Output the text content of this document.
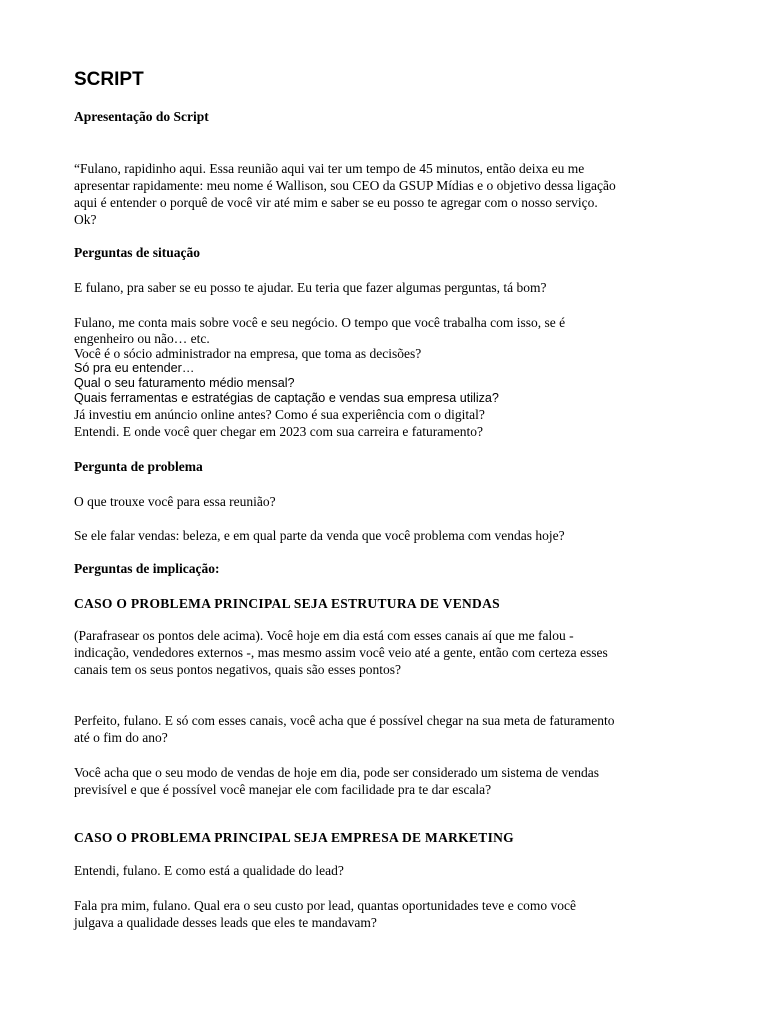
SCRIPT
Apresentação do Script
“Fulano, rapidinho aqui. Essa reunião aqui vai ter um tempo de 45 minutos, então deixa eu me
apresentar rapidamente: meu nome é Wallison, sou CEO da GSUP Mídias e o objetivo dessa ligação
aqui é entender o porquê de você vir até mim e saber se eu posso te agregar com o nosso serviço.
Ok?
Perguntas de situação
E fulano, pra saber se eu posso te ajudar. Eu teria que fazer algumas perguntas, tá bom?
Fulano, me conta mais sobre você e seu negócio. O tempo que você trabalha com isso, se é
engenheiro ou não… etc.
Você é o sócio administrador na empresa, que toma as decisões?
Só pra eu entender…
Qual o seu faturamento médio mensal?
Quais ferramentas e estratégias de captação e vendas sua empresa utiliza?
Já investiu em anúncio online antes? Como é sua experiência com o digital?
Entendi. E onde você quer chegar em 2023 com sua carreira e faturamento?
Pergunta de problema
O que trouxe você para essa reunião?
Se ele falar vendas: beleza, e em qual parte da venda que você problema com vendas hoje?
Perguntas de implicação:
CASO O PROBLEMA PRINCIPAL SEJA ESTRUTURA DE VENDAS
(Parafrasear os pontos dele acima). Você hoje em dia está com esses canais aí que me falou -
indicação, vendedores externos -, mas mesmo assim você veio até a gente, então com certeza esses
canais tem os seus pontos negativos, quais são esses pontos?
Perfeito, fulano. E só com esses canais, você acha que é possível chegar na sua meta de faturamento
até o fim do ano?
Você acha que o seu modo de vendas de hoje em dia, pode ser considerado um sistema de vendas
previsível e que é possível você manejar ele com facilidade pra te dar escala?
CASO O PROBLEMA PRINCIPAL SEJA EMPRESA DE MARKETING
Entendi, fulano. E como está a qualidade do lead?
Fala pra mim, fulano. Qual era o seu custo por lead, quantas oportunidades teve e como você
julgava a qualidade desses leads que eles te mandavam?
